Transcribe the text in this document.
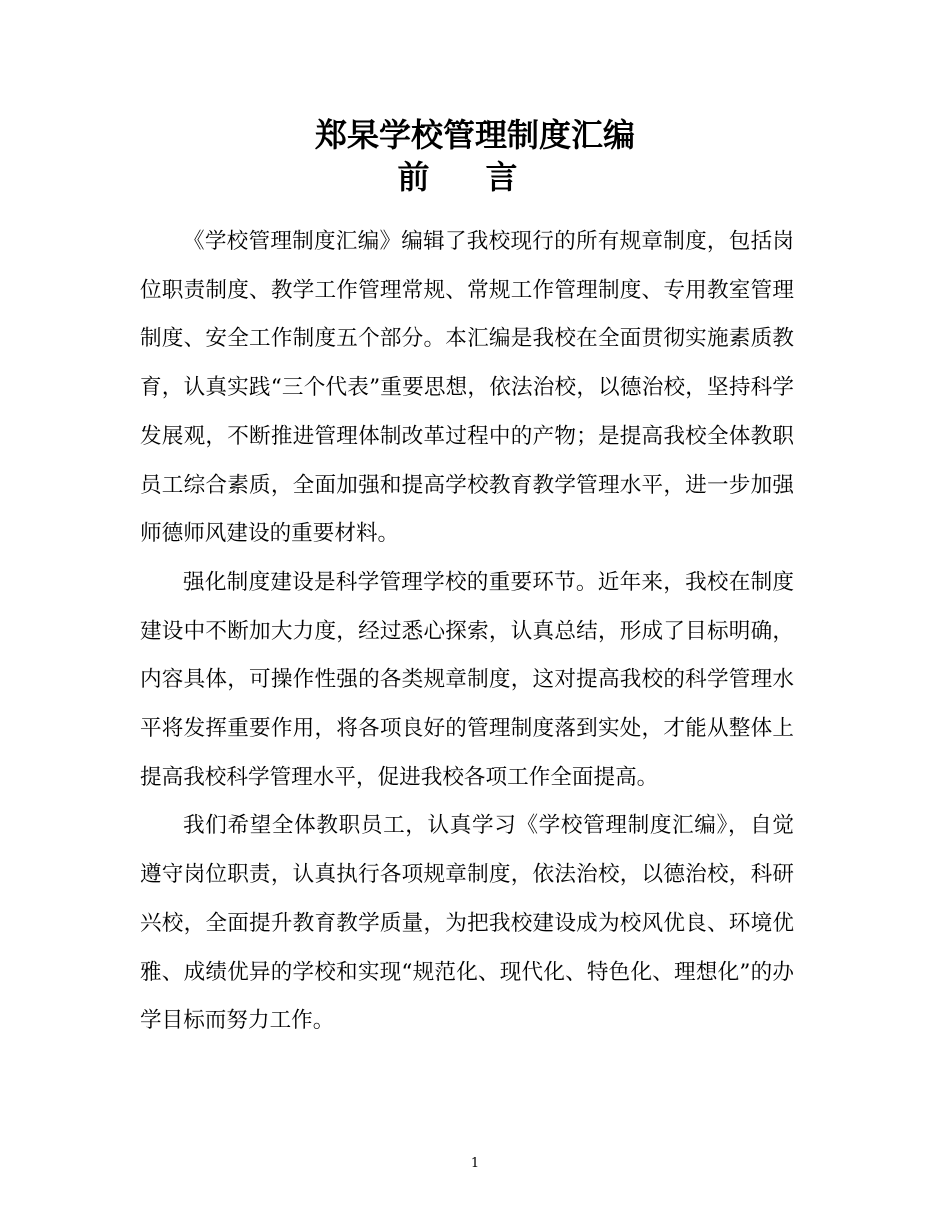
郑杲学校管理制度汇编
前 言

《学校管理制度汇编》编辑了我校现行的所有规章制度，包括岗位职责制度、教学工作管理常规、常规工作管理制度、专用教室管理制度、安全工作制度五个部分。本汇编是我校在全面贯彻实施素质教育，认真实践“三个代表”重要思想，依法治校，以德治校，坚持科学发展观，不断推进管理体制改革过程中的产物；是提高我校全体教职员工综合素质，全面加强和提高学校教育教学管理水平，进一步加强师德师风建设的重要材料。

强化制度建设是科学管理学校的重要环节。近年来，我校在制度建设中不断加大力度，经过悉心探索，认真总结，形成了目标明确，内容具体，可操作性强的各类规章制度，这对提高我校的科学管理水平将发挥重要作用，将各项良好的管理制度落到实处，才能从整体上提高我校科学管理水平，促进我校各项工作全面提高。

我们希望全体教职员工，认真学习《学校管理制度汇编》，自觉遵守岗位职责，认真执行各项规章制度，依法治校，以德治校，科研兴校，全面提升教育教学质量，为把我校建设成为校风优良、环境优雅、成绩优异的学校和实现“规范化、现代化、特色化、理想化”的办学目标而努力工作。

1
